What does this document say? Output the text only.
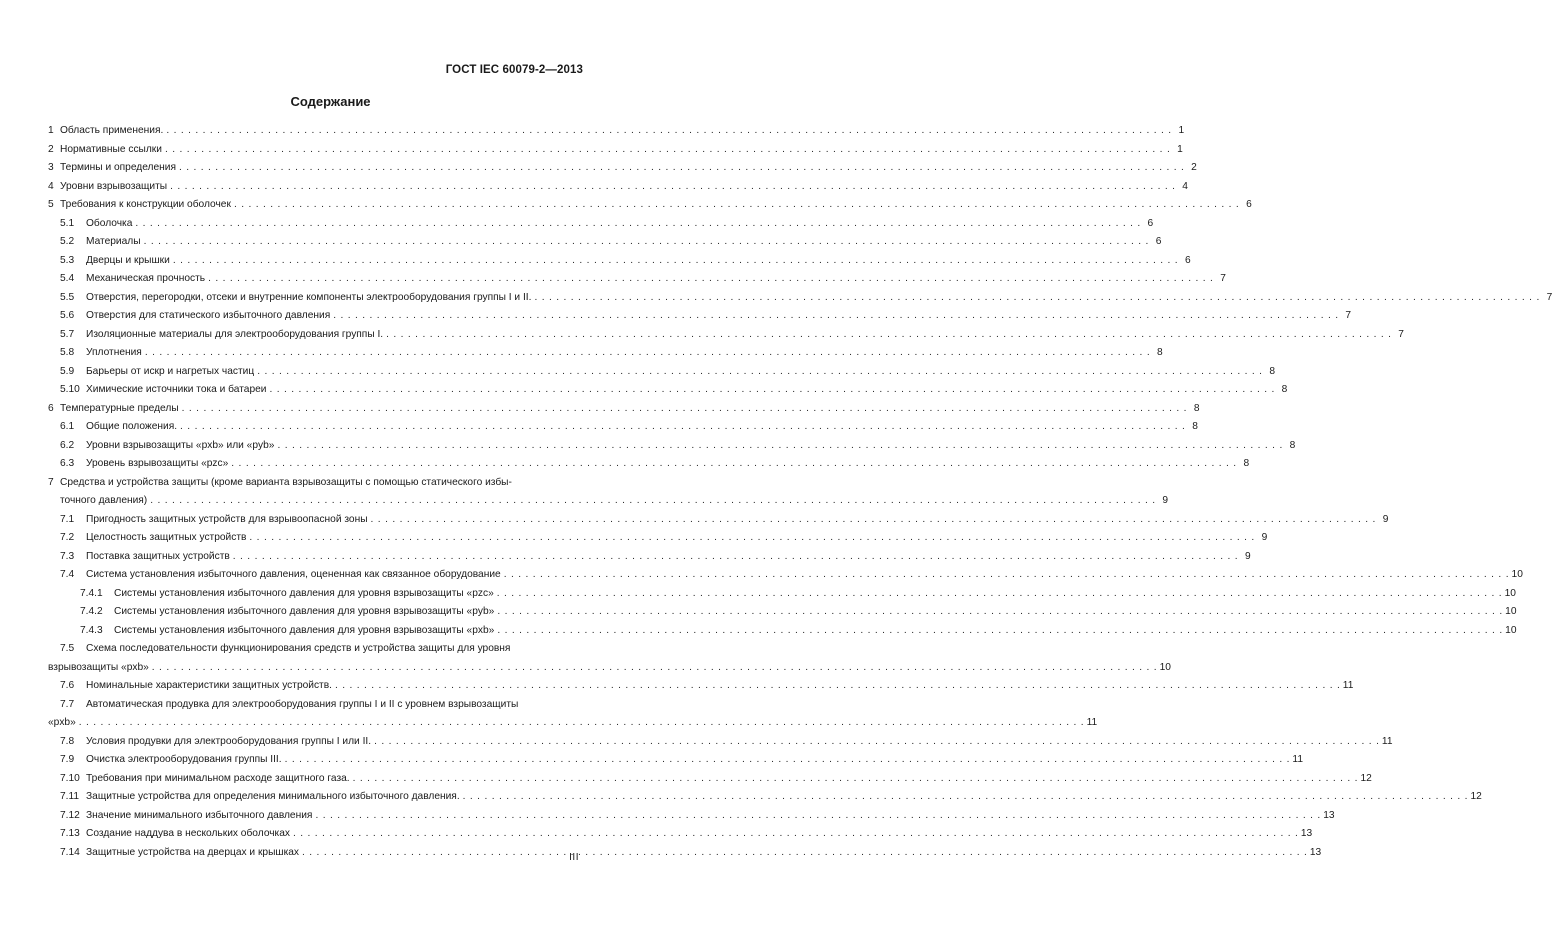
ГОСТ IEC 60079-2—2013
Содержание
1 Область применения. . . .	1
2 Нормативные ссылки . . .	1
3 Термины и определения . . .	2
4 Уровни взрывозащиты . . .	4
5 Требования к конструкции оболочек . . .	6
5.1 Оболочка . . .	6
5.2 Материалы . . .	6
5.3 Дверцы и крышки . . .	6
5.4 Механическая прочность . . .	7
5.5 Отверстия, перегородки, отсеки и внутренние компоненты электрооборудования группы I и II. . . .	7
5.6 Отверстия для статического избыточного давления . . .	7
5.7 Изоляционные материалы для электрооборудования группы I. . . .	7
5.8 Уплотнения . . .	8
5.9 Барьеры от искр и нагретых частиц . . .	8
5.10 Химические источники тока и батареи . . .	8
6 Температурные пределы . . .	8
6.1 Общие положения. . . .	8
6.2 Уровни взрывозащиты «pxb» или «pyb» . . .	8
6.3 Уровень взрывозащиты «pzc» . . .	8
7 Средства и устройства защиты (кроме варианта взрывозащиты с помощью статического избы-
точного давления) . . .	9
7.1 Пригодность защитных устройств для взрывоопасной зоны . . .	9
7.2 Целостность защитных устройств . . .	9
7.3 Поставка защитных устройств . . .	9
7.4 Система установления избыточного давления, оцененная как связанное оборудование . . .	10
7.4.1 Системы установления избыточного давления для уровня взрывозащиты «pzc» . . .	10
7.4.2 Системы установления избыточного давления для уровня взрывозащиты «pyb» . . .	10
7.4.3 Системы установления избыточного давления для уровня взрывозащиты «pxb» . . .	10
7.5 Схема последовательности функционирования средств и устройства защиты для уровня
взрывозащиты «pxb» . . .	10
7.6 Номинальные характеристики защитных устройств. . . .	11
7.7 Автоматическая продувка для электрооборудования группы I и II с уровнем взрывозащиты
«pxb» . . .	11
7.8 Условия продувки для электрооборудования группы I или II. . . .	11
7.9 Очистка электрооборудования группы III. . . .	11
7.10 Требования при минимальном расходе защитного газа. . . .	12
7.11 Защитные устройства для определения минимального избыточного давления. . . .	12
7.12 Значение минимального избыточного давления . . .	13
7.13 Создание наддува в нескольких оболочках . . .	13
7.14 Защитные устройства на дверцах и крышках . . .	13
III
